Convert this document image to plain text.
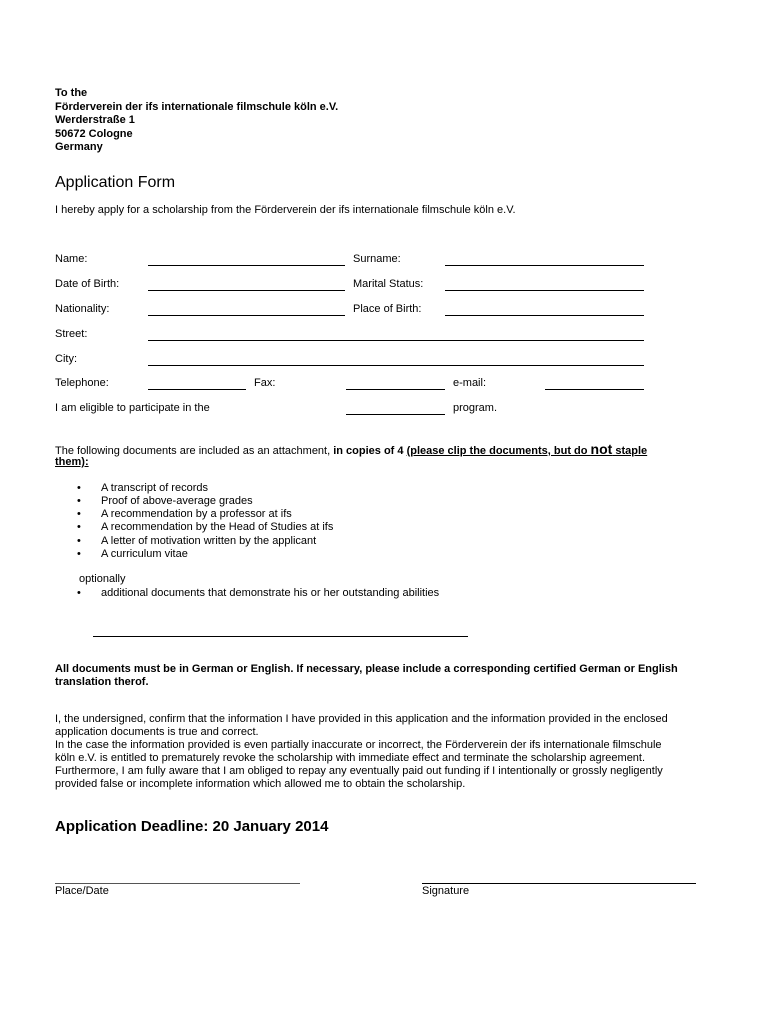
To the
Förderverein der ifs internationale filmschule köln e.V.
Werderstraße 1
50672 Cologne
Germany
Application Form
I hereby apply for a scholarship from the Förderverein der ifs internationale filmschule köln e.V.
Name:	Surname:
Date of Birth:	Marital Status:
Nationality:	Place of Birth:
Street:
City:
Telephone:	Fax:	e-mail:
I am eligible to participate in the	program.
The following documents are included as an attachment, in copies of 4 (please clip the documents, but do not staple
them):
• A transcript of records
• Proof of above-average grades
• A recommendation by a professor at ifs
• A recommendation by the Head of Studies at ifs
• A letter of motivation written by the applicant
• A curriculum vitae
optionally
• additional documents that demonstrate his or her outstanding abilities
All documents must be in German or English. If necessary, please include a corresponding certified German or English
translation therof.
I, the undersigned, confirm that the information I have provided in this application and the information provided in the enclosed
application documents is true and correct.
In the case the information provided is even partially inaccurate or incorrect, the Förderverein der ifs internationale filmschule
köln e.V. is entitled to prematurely revoke the scholarship with immediate effect and terminate the scholarship agreement.
Furthermore, I am fully aware that I am obliged to repay any eventually paid out funding if I intentionally or grossly negligently
provided false or incomplete information which allowed me to obtain the scholarship.
Application Deadline: 20 January 2014
Place/Date	Signature
